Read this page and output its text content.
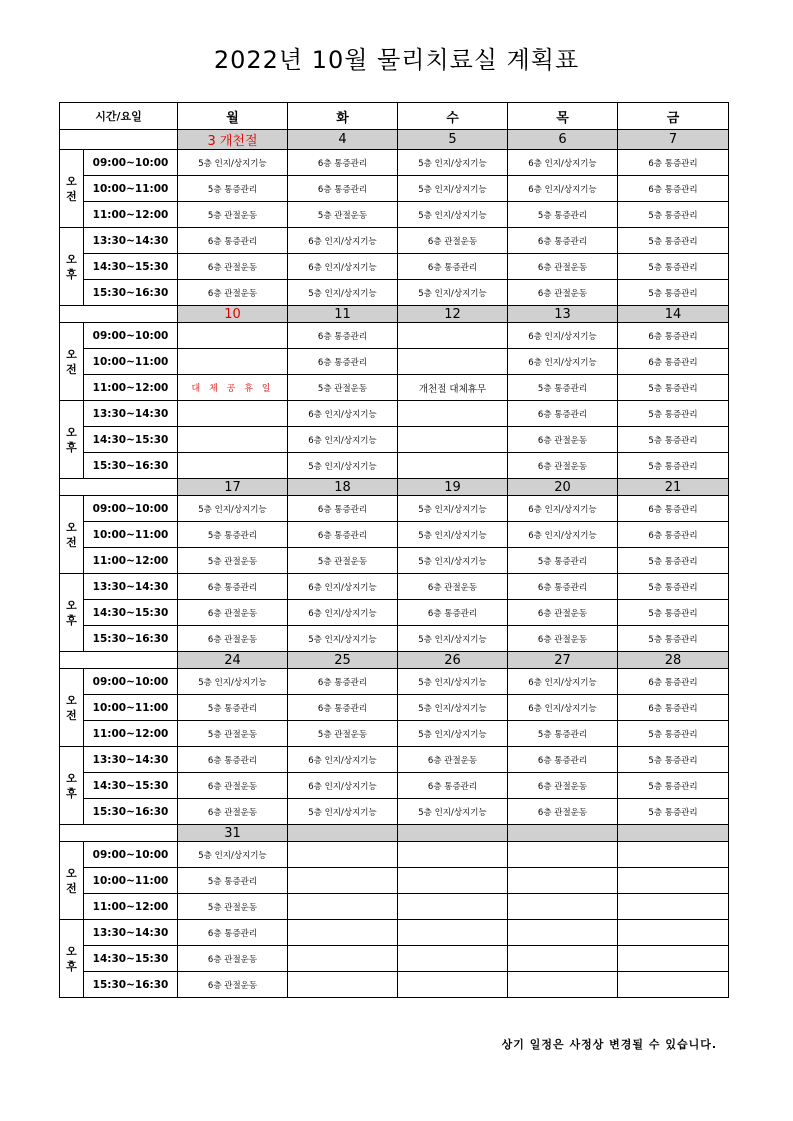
2022년 10월 물리치료실 계획표
시간/요일		월	화	수	목	금
		3 개천절	4	5	6	7
오
전	09:00~10:00	5층 인지/상지기능	6층 통증관리	5층 인지/상지기능	6층 인지/상지기능	6층 통증관리
	10:00~11:00	5층 통증관리	6층 통증관리	5층 인지/상지기능	6층 인지/상지기능	6층 통증관리
	11:00~12:00	5층 관절운동	5층 관절운동	5층 인지/상지기능	5층 통증관리	5층 통증관리
오
후	13:30~14:30	6층 통증관리	6층 인지/상지기능	6층 관절운동	6층 통증관리	5층 통증관리
	14:30~15:30	6층 관절운동	6층 인지/상지기능	6층 통증관리	6층 관절운동	5층 통증관리
	15:30~16:30	6층 관절운동	5층 인지/상지기능	5층 인지/상지기능	6층 관절운동	5층 통증관리
		10	11	12	13	14
오
전	09:00~10:00		6층 통증관리		6층 인지/상지기능	6층 통증관리
	10:00~11:00		6층 통증관리		6층 인지/상지기능	6층 통증관리
	11:00~12:00	대 체 공 휴 일	5층 관절운동	개천절 대체휴무	5층 통증관리	5층 통증관리
오
후	13:30~14:30		6층 인지/상지기능		6층 통증관리	5층 통증관리
	14:30~15:30		6층 인지/상지기능		6층 관절운동	5층 통증관리
	15:30~16:30		5층 인지/상지기능		6층 관절운동	5층 통증관리
		17	18	19	20	21
오
전	09:00~10:00	5층 인지/상지기능	6층 통증관리	5층 인지/상지기능	6층 인지/상지기능	6층 통증관리
	10:00~11:00	5층 통증관리	6층 통증관리	5층 인지/상지기능	6층 인지/상지기능	6층 통증관리
	11:00~12:00	5층 관절운동	5층 관절운동	5층 인지/상지기능	5층 통증관리	5층 통증관리
오
후	13:30~14:30	6층 통증관리	6층 인지/상지기능	6층 관절운동	6층 통증관리	5층 통증관리
	14:30~15:30	6층 관절운동	6층 인지/상지기능	6층 통증관리	6층 관절운동	5층 통증관리
	15:30~16:30	6층 관절운동	5층 인지/상지기능	5층 인지/상지기능	6층 관절운동	5층 통증관리
		24	25	26	27	28
오
전	09:00~10:00	5층 인지/상지기능	6층 통증관리	5층 인지/상지기능	6층 인지/상지기능	6층 통증관리
	10:00~11:00	5층 통증관리	6층 통증관리	5층 인지/상지기능	6층 인지/상지기능	6층 통증관리
	11:00~12:00	5층 관절운동	5층 관절운동	5층 인지/상지기능	5층 통증관리	5층 통증관리
오
후	13:30~14:30	6층 통증관리	6층 인지/상지기능	6층 관절운동	6층 통증관리	5층 통증관리
	14:30~15:30	6층 관절운동	6층 인지/상지기능	6층 통증관리	6층 관절운동	5층 통증관리
	15:30~16:30	6층 관절운동	5층 인지/상지기능	5층 인지/상지기능	6층 관절운동	5층 통증관리
		31				
오
전	09:00~10:00	5층 인지/상지기능				
	10:00~11:00	5층 통증관리				
	11:00~12:00	5층 관절운동				
오
후	13:30~14:30	6층 통증관리				
	14:30~15:30	6층 관절운동				
	15:30~16:30	6층 관절운동				
상기 일정은 사정상 변경될 수 있습니다.
